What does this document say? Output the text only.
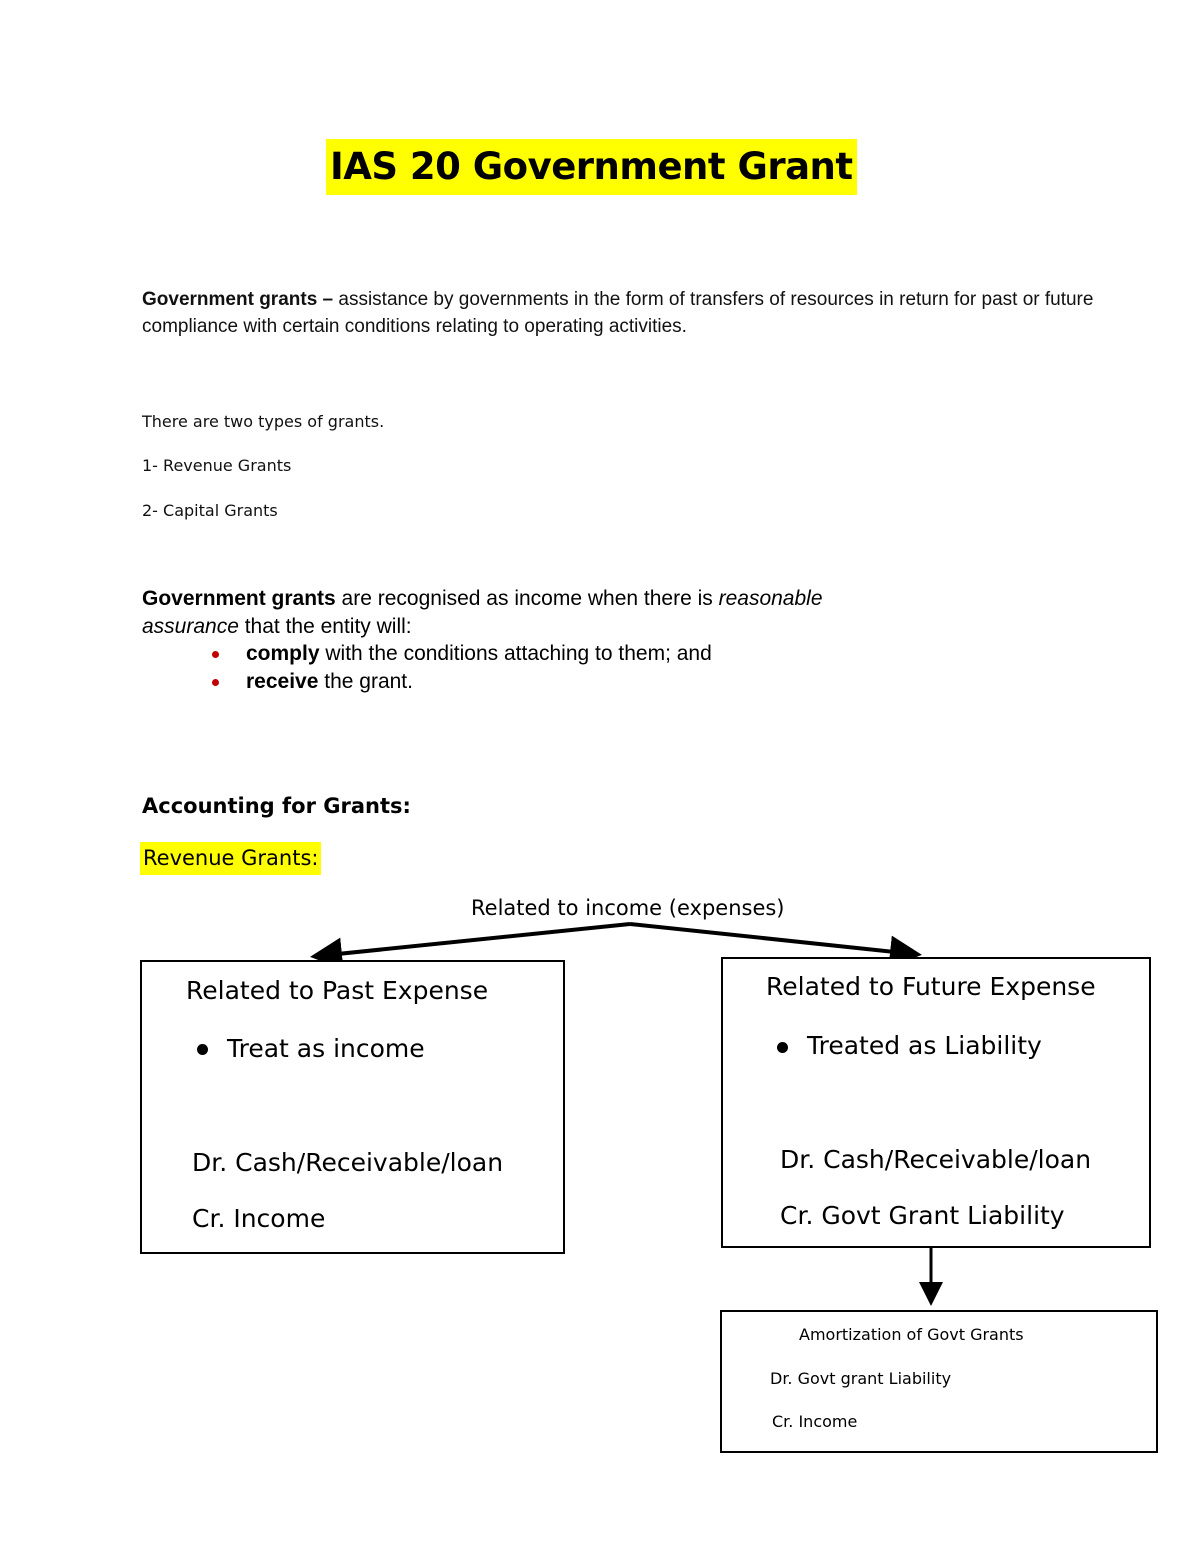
IAS 20 Government Grant
Government grants – assistance by governments in the form of transfers of resources in return for past or future compliance with certain conditions relating to operating activities.
There are two types of grants.
1- Revenue Grants
2- Capital Grants
Government grants are recognised as income when there is reasonable
assurance that the entity will:
comply with the conditions attaching to them; and
receive the grant.
Accounting for Grants:
Revenue Grants:
Related to income (expenses)
Related to Past Expense
Treat as income
Dr. Cash/Receivable/loan
Cr. Income
Related to Future Expense
Treated as Liability
Dr. Cash/Receivable/loan
Cr. Govt Grant Liability
Amortization of Govt Grants
Dr. Govt grant Liability
Cr. Income
